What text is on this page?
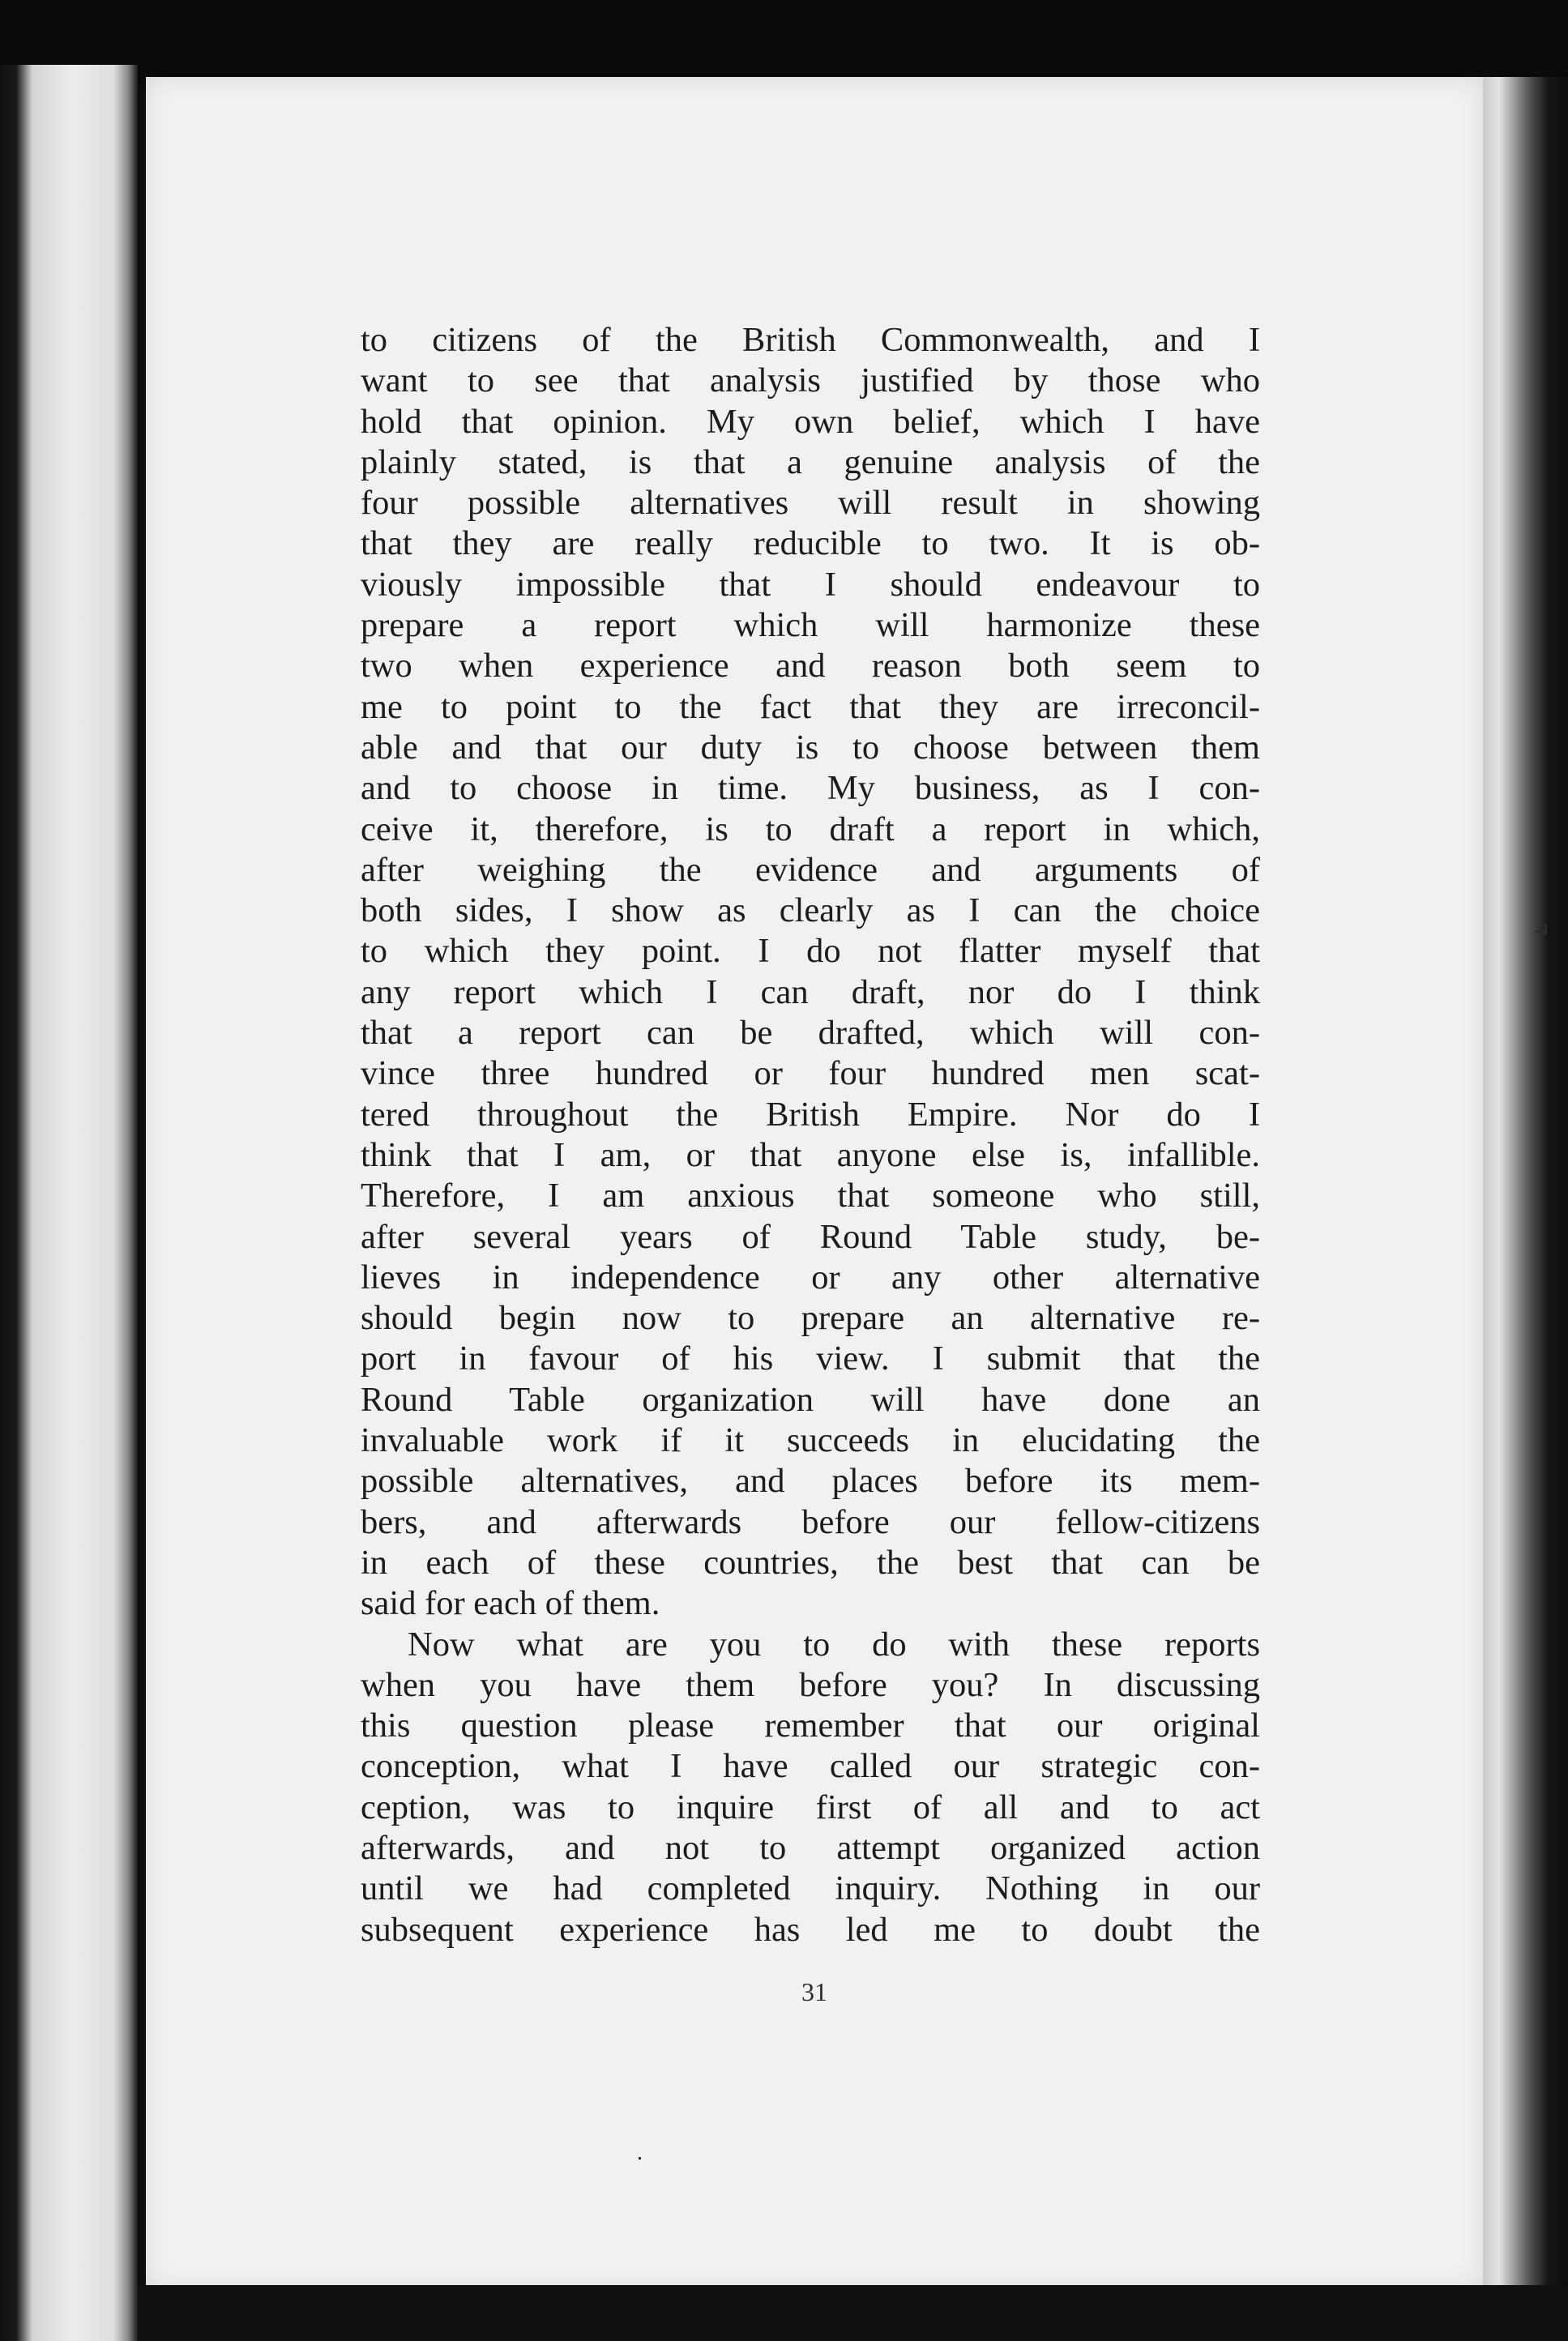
to citizens of the British Commonwealth, and I
want to see that analysis justified by those who
hold that opinion. My own belief, which I have
plainly stated, is that a genuine analysis of the
four possible alternatives will result in showing
that they are really reducible to two. It is ob-
viously impossible that I should endeavour to
prepare a report which will harmonize these
two when experience and reason both seem to
me to point to the fact that they are irreconcil-
able and that our duty is to choose between them
and to choose in time. My business, as I con-
ceive it, therefore, is to draft a report in which,
after weighing the evidence and arguments of
both sides, I show as clearly as I can the choice
to which they point. I do not flatter myself that
any report which I can draft, nor do I think
that a report can be drafted, which will con-
vince three hundred or four hundred men scat-
tered throughout the British Empire. Nor do I
think that I am, or that anyone else is, infallible.
Therefore, I am anxious that someone who still,
after several years of Round Table study, be-
lieves in independence or any other alternative
should begin now to prepare an alternative re-
port in favour of his view. I submit that the
Round Table organization will have done an
invaluable work if it succeeds in elucidating the
possible alternatives, and places before its mem-
bers, and afterwards before our fellow-citizens
in each of these countries, the best that can be
said for each of them.
Now what are you to do with these reports
when you have them before you? In discussing
this question please remember that our original
conception, what I have called our strategic con-
ception, was to inquire first of all and to act
afterwards, and not to attempt organized action
until we had completed inquiry. Nothing in our
subsequent experience has led me to doubt the
31
